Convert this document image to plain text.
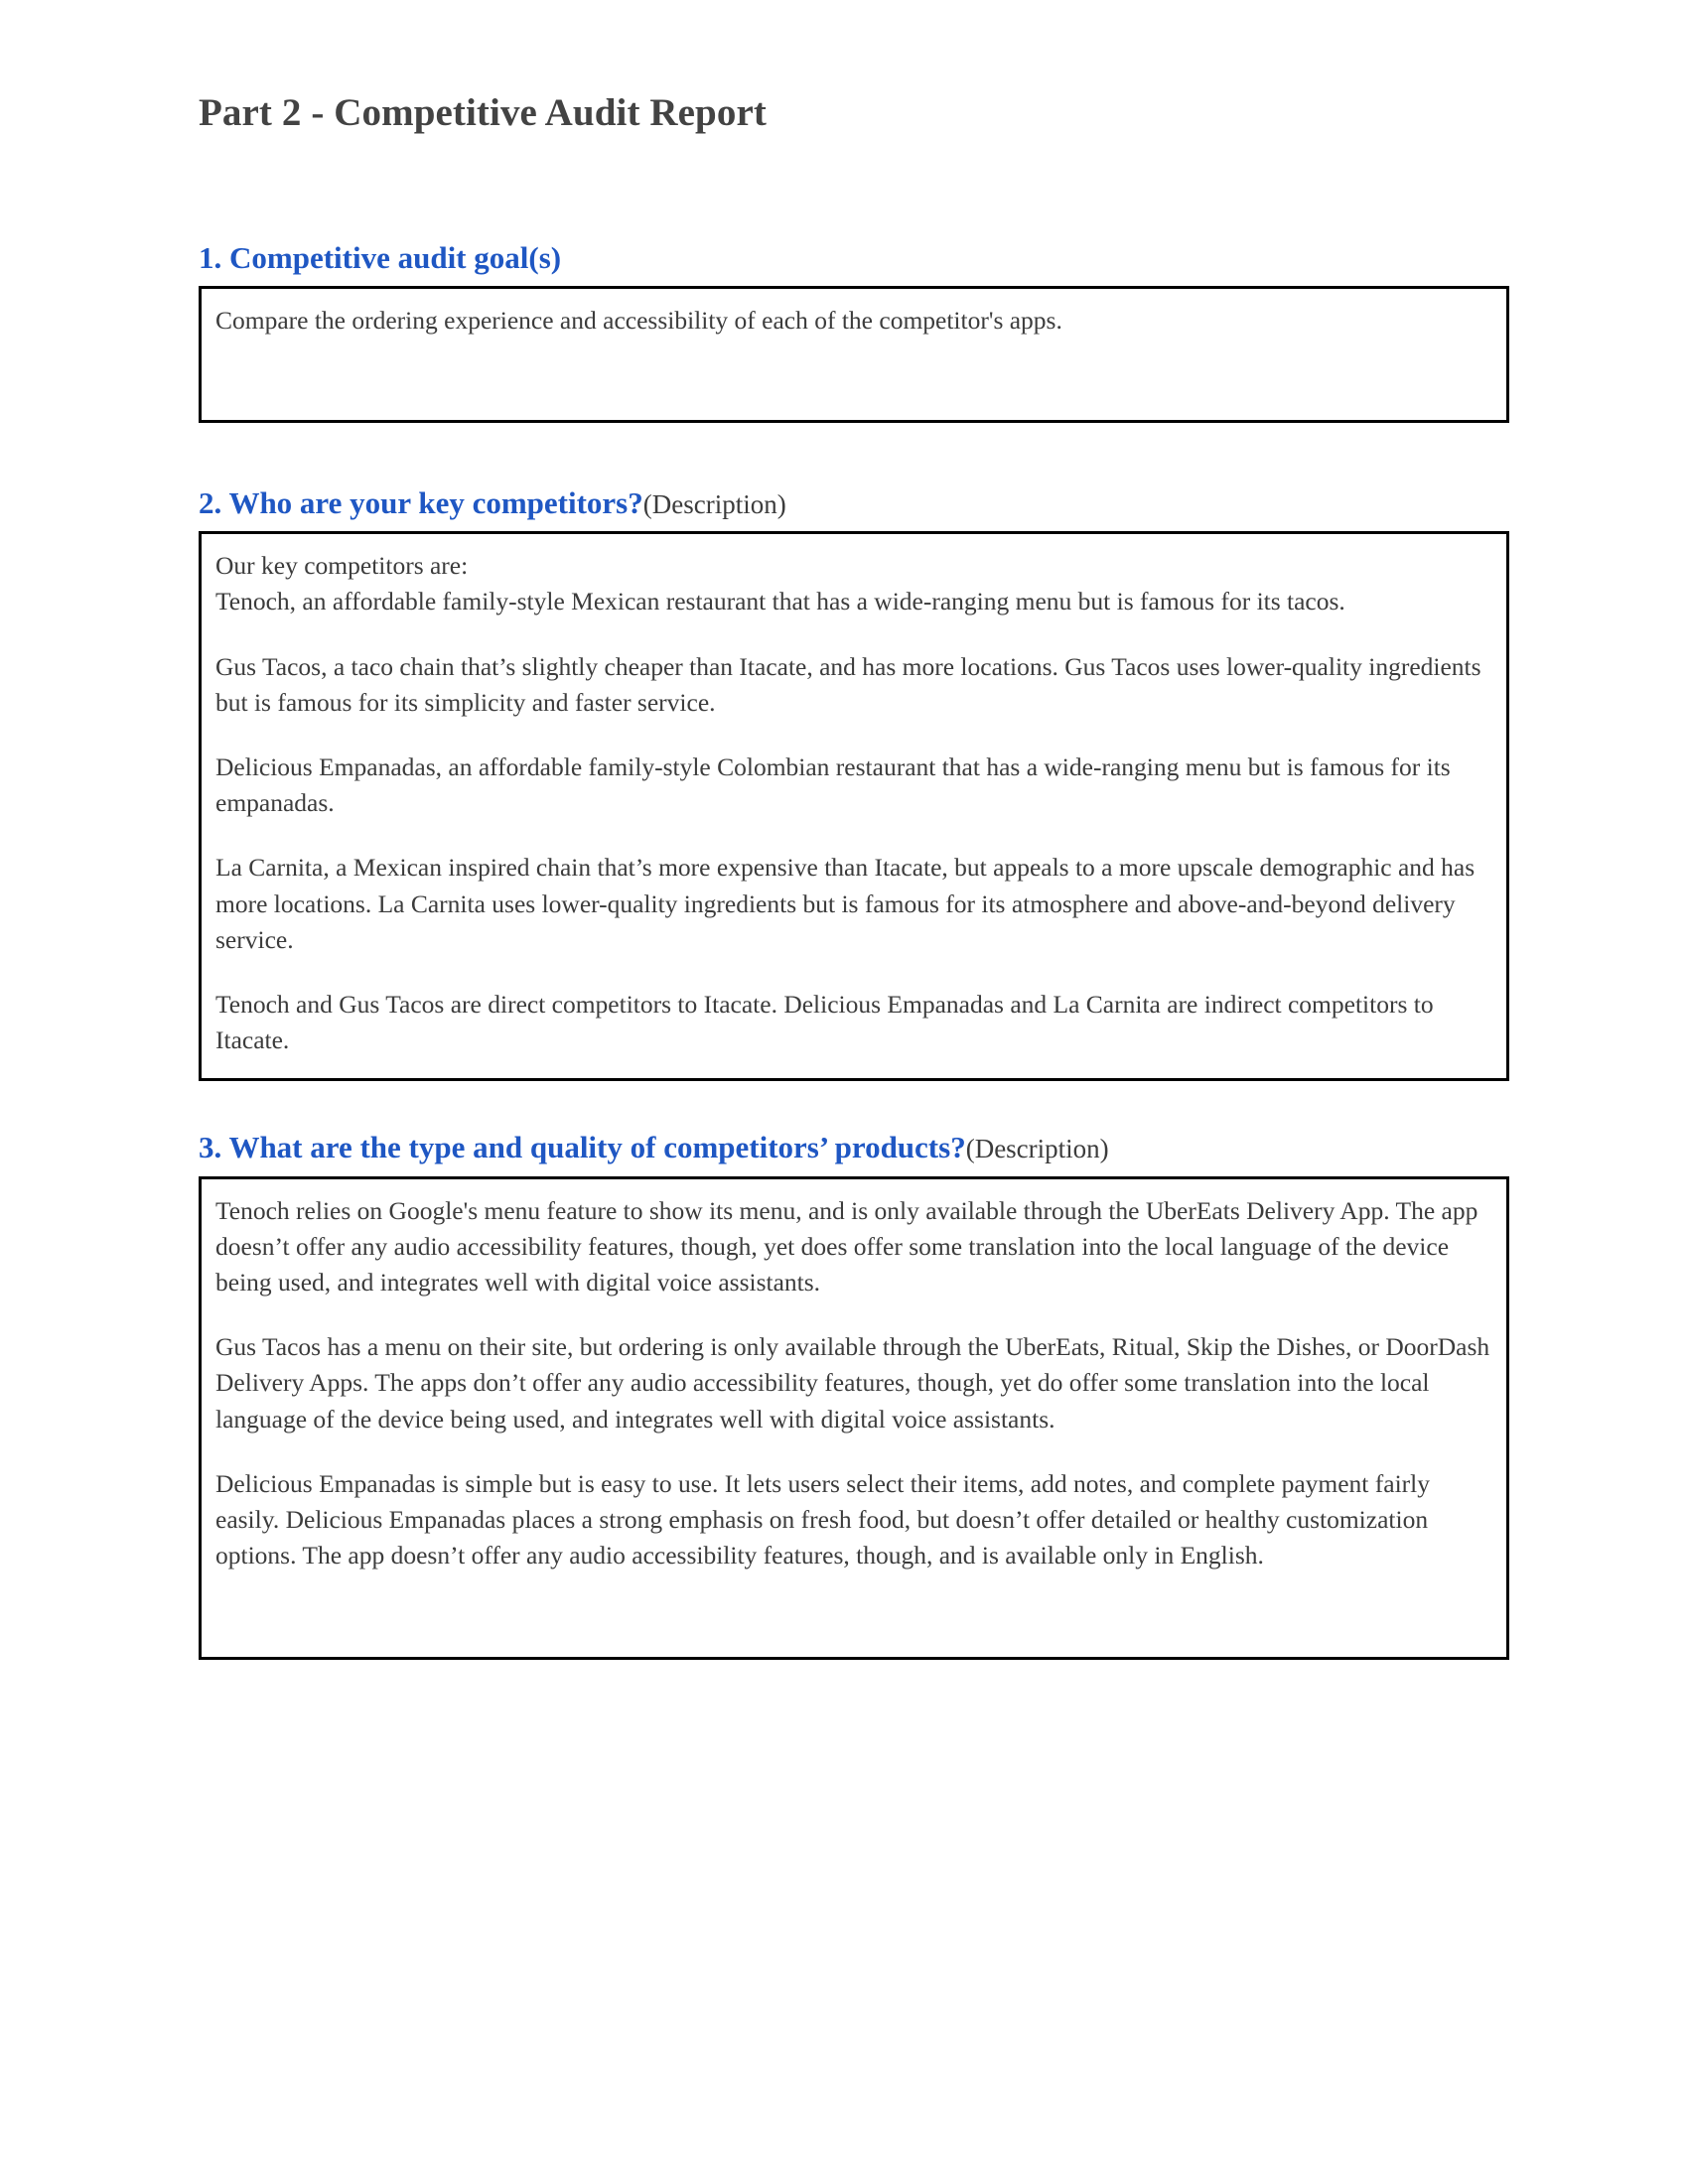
Part 2 - Competitive Audit Report
1. Competitive audit goal(s)

Compare the ordering experience and accessibility of each of the competitor's apps.

2. Who are your key competitors?(Description)

Our key competitors are:

Tenoch, an affordable family-style Mexican restaurant that has a wide-ranging menu but is famous for its tacos.

Gus Tacos, a taco chain that’s slightly cheaper than Itacate, and has more locations. Gus Tacos uses lower-quality ingredients but is famous for its simplicity and faster service.

Delicious Empanadas, an affordable family-style Colombian restaurant that has a wide-ranging menu but is famous for its empanadas.

La Carnita, a Mexican inspired chain that’s more expensive than Itacate, but appeals to a more upscale demographic and has more locations. La Carnita uses lower-quality ingredients but is famous for its atmosphere and above-and-beyond delivery service.

Tenoch and Gus Tacos are direct competitors to Itacate. Delicious Empanadas and La Carnita are indirect competitors to Itacate.

3. What are the type and quality of competitors’ products?(Description)

Tenoch relies on Google's menu feature to show its menu, and is only available through the UberEats Delivery App. The app doesn’t offer any audio accessibility features, though, yet does offer some translation into the local language of the device being used, and integrates well with digital voice assistants.

Gus Tacos has a menu on their site, but ordering is only available through the UberEats, Ritual, Skip the Dishes, or DoorDash Delivery Apps. The apps don’t offer any audio accessibility features, though, yet do offer some translation into the local language of the device being used, and integrates well with digital voice assistants.

Delicious Empanadas is simple but is easy to use. It lets users select their items, add notes, and complete payment fairly easily. Delicious Empanadas places a strong emphasis on fresh food, but doesn’t offer detailed or healthy customization options. The app doesn’t offer any audio accessibility features, though, and is available only in English.
